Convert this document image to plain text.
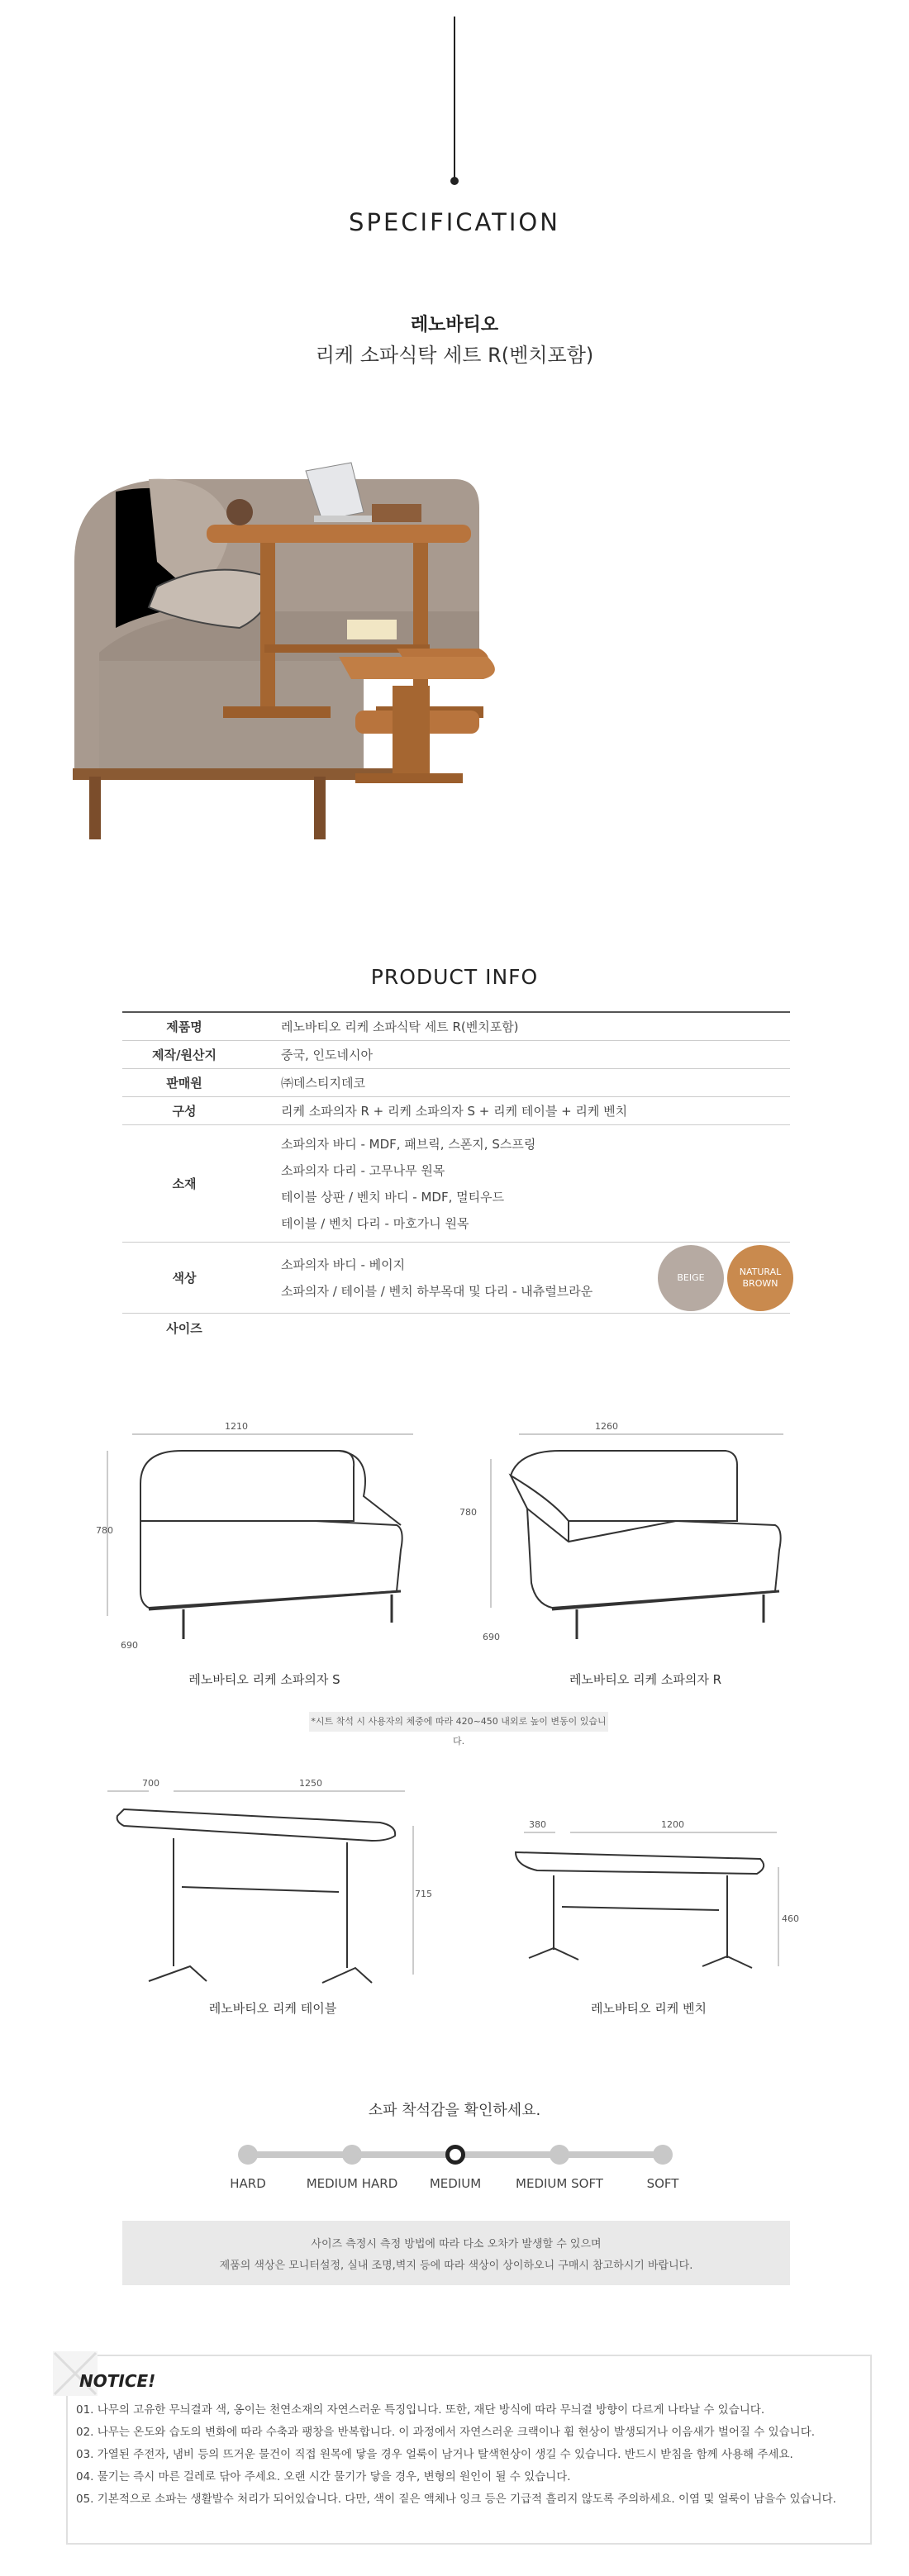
SPECIFICATION
레노바티오
리케 소파식탁 세트 R(벤치포함)
PRODUCT INFO
제품명	레노바티오 리케 소파식탁 세트 R(벤치포함)
제작/원산지	중국, 인도네시아
판매원	㈜데스티지데코
구성	리케 소파의자 R + 리케 소파의자 S + 리케 테이블 + 리케 벤치
소재

소파의자 바디 - MDF, 패브릭, 스폰지, S스프링

소파의자 다리 - 고무나무 원목

테이블 상판 / 벤치 바디 - MDF, 멀티우드

테이블 / 벤치 다리 - 마호가니 원목

색상

소파의자 바디 - 베이지

소파의자 / 테이블 / 벤치 하부목대 및 다리 - 내츄럴브라운

BEIGE
NATURAL BROWN
사이즈
1210
780
690
레노바티오 리케 소파의자 S
1260
780
690
레노바티오 리케 소파의자 R
*시트 착석 시 사용자의 체중에 따라 420~450 내외로 높이 변동이 있습니다.
700	1250
715
레노바티오 리케 테이블
380	1200
460
레노바티오 리케 벤치
소파 착석감을 확인하세요.
HARD	MEDIUM HARD	MEDIUM	MEDIUM SOFT	SOFT

사이즈 측정시 측정 방법에 따라 다소 오차가 발생할 수 있으며

제품의 색상은 모니터설정, 실내 조명,벽지 등에 따라 색상이 상이하오니 구매시 참고하시기 바랍니다.

NOTICE!

01. 나무의 고유한 무늬결과 색, 옹이는 천연소재의 자연스러운 특징입니다. 또한, 재단 방식에 따라 무늬결 방향이 다르게 나타날 수 있습니다.

02. 나무는 온도와 습도의 변화에 따라 수축과 팽창을 반복합니다. 이 과정에서 자연스러운 크랙이나 휨 현상이 발생되거나 이음새가 벌어질 수 있습니다.

03. 가열된 주전자, 냄비 등의 뜨거운 물건이 직접 원목에 닿을 경우 얼룩이 남거나 탈색현상이 생길 수 있습니다. 반드시 받침을 함께 사용해 주세요.

04. 물기는 즉시 마른 걸레로 닦아 주세요. 오랜 시간 물기가 닿을 경우, 변형의 원인이 될 수 있습니다.

05. 기본적으로 소파는 생활발수 처리가 되어있습니다. 다만, 색이 짙은 액체나 잉크 등은 기급적 흘리지 않도록 주의하세요. 이염 및 얼룩이 남을수 있습니다.
